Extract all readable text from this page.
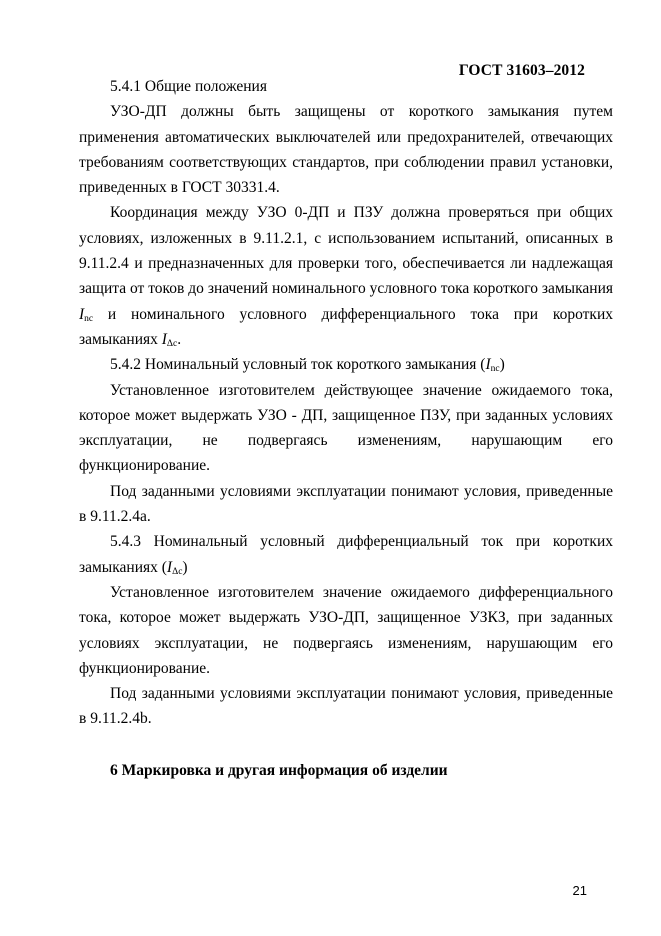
ГОСТ 31603–2012

5.4.1 Общие положения

УЗО-ДП должны быть защищены от короткого замыкания путем применения автоматических выключателей или предохранителей, отвечающих требованиям соответствующих стандартов, при соблюдении правил установки, приведенных в ГОСТ 30331.4.

Координация между УЗО 0-ДП и ПЗУ должна проверяться при общих условиях, изложенных в 9.11.2.1, с использованием испытаний, описанных в 9.11.2.4 и предназначенных для проверки того, обеспечивается ли надлежащая защита от токов до значений номинального условного тока короткого замыкания $I_{nc}$ и номинального условного дифференциального тока при коротких замыканиях $I_{\Delta c}$.

5.4.2 Номинальный условный ток короткого замыкания $(I_{nc})$

Установленное изготовителем действующее значение ожидаемого тока, которое может выдержать УЗО - ДП, защищенное ПЗУ, при заданных условиях эксплуатации, не подвергаясь изменениям, нарушающим его функционирование.

Под заданными условиями эксплуатации понимают условия, приведенные в 9.11.2.4а.

5.4.3 Номинальный условный дифференциальный ток при коротких замыканиях $(I_{\Delta c})$

Установленное изготовителем значение ожидаемого дифференциального тока, которое может выдержать УЗО-ДП, защищенное УЗКЗ, при заданных условиях эксплуатации, не подвергаясь изменениям, нарушающим его функционирование.

Под заданными условиями эксплуатации понимают условия, приведенные в 9.11.2.4b.

6 Маркировка и другая информация об изделии

21
